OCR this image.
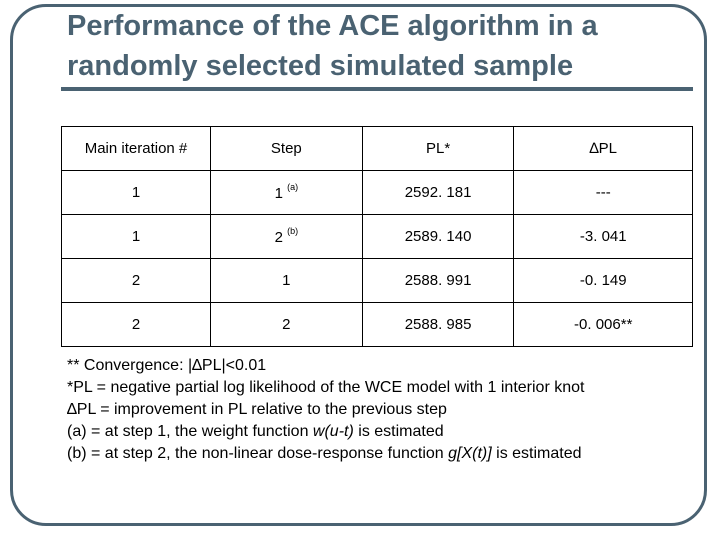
Performance of the ACE algorithm in a randomly selected simulated sample
Main iteration #	Step	PL*	∆PL
1	1 $^{(a)}$	2592. 181	---
1	2 $^{(b)}$	2589. 140	-3. 041
2	1	2588. 991	-0. 149
2	2	2588. 985	-0. 006**
** Convergence: |∆PL|<0.01
*PL = negative partial log likelihood of the WCE model with 1 interior knot
∆PL = improvement in PL relative to the previous step
(a) = at step 1, the weight function w(u-t) is estimated
(b) = at step 2, the non-linear dose-response function g[X(t)] is estimated
